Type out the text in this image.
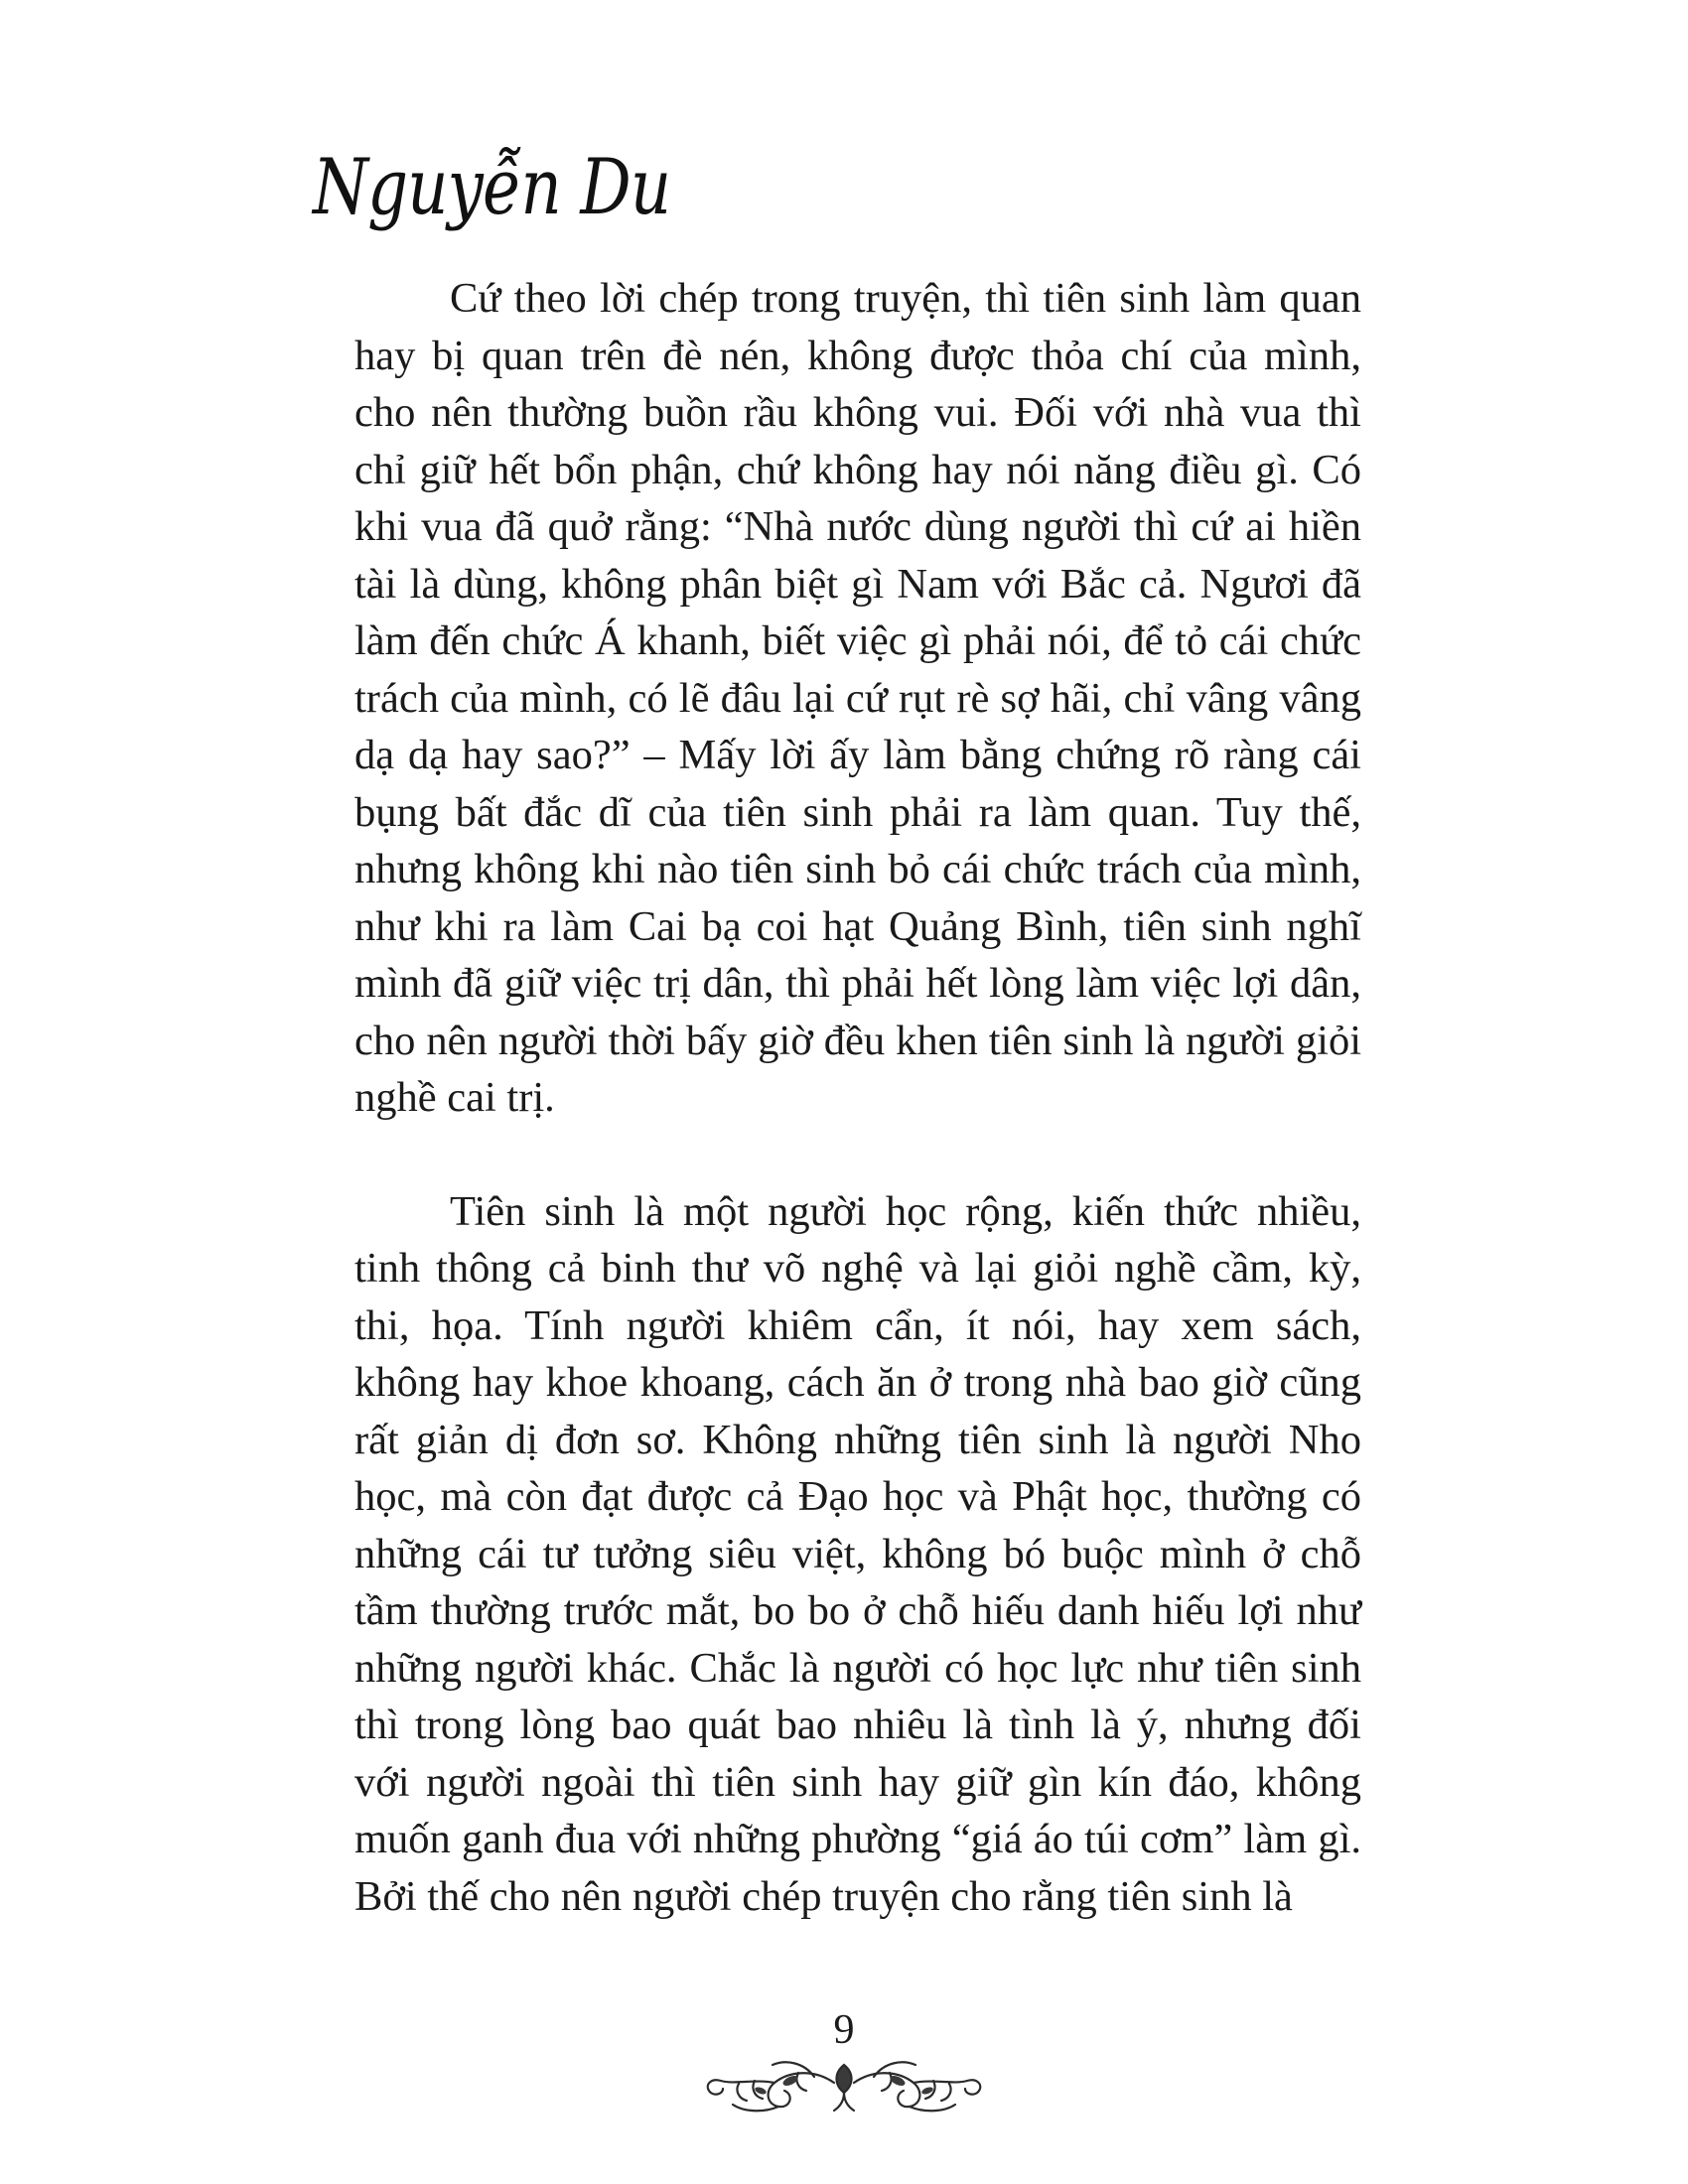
Nguyễn Du

Cứ theo lời chép trong truyện, thì tiên sinh làm quan hay bị quan trên đè nén, không được thỏa chí của mình, cho nên thường buồn rầu không vui. Đối với nhà vua thì chỉ giữ hết bổn phận, chứ không hay nói năng điều gì. Có khi vua đã quở rằng: “Nhà nước dùng người thì cứ ai hiền tài là dùng, không phân biệt gì Nam với Bắc cả. Ngươi đã làm đến chức Á khanh, biết việc gì phải nói, để tỏ cái chức trách của mình, có lẽ đâu lại cứ rụt rè sợ hãi, chỉ vâng vâng dạ dạ hay sao?” – Mấy lời ấy làm bằng chứng rõ ràng cái bụng bất đắc dĩ của tiên sinh phải ra làm quan. Tuy thế, nhưng không khi nào tiên sinh bỏ cái chức trách của mình, như khi ra làm Cai bạ coi hạt Quảng Bình, tiên sinh nghĩ mình đã giữ việc trị dân, thì phải hết lòng làm việc lợi dân, cho nên người thời bấy giờ đều khen tiên sinh là người giỏi nghề cai trị.

Tiên sinh là một người học rộng, kiến thức nhiều, tinh thông cả binh thư võ nghệ và lại giỏi nghề cầm, kỳ, thi, họa. Tính người khiêm cẩn, ít nói, hay xem sách, không hay khoe khoang, cách ăn ở trong nhà bao giờ cũng rất giản dị đơn sơ. Không những tiên sinh là người Nho học, mà còn đạt được cả Đạo học và Phật học, thường có những cái tư tưởng siêu việt, không bó buộc mình ở chỗ tầm thường trước mắt, bo bo ở chỗ hiếu danh hiếu lợi như những người khác. Chắc là người có học lực như tiên sinh thì trong lòng bao quát bao nhiêu là tình là ý, nhưng đối với người ngoài thì tiên sinh hay giữ gìn kín đáo, không muốn ganh đua với những phường “giá áo túi cơm” làm gì. Bởi thế cho nên người chép truyện cho rằng tiên sinh là

9
